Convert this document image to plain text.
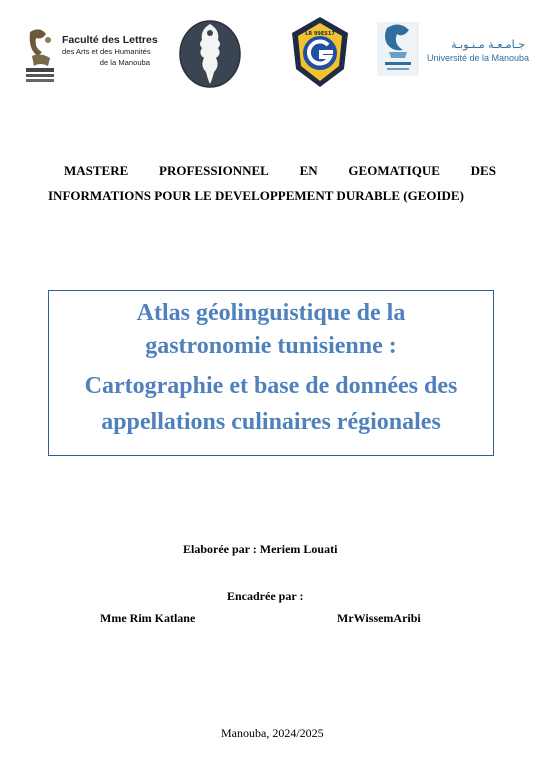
Faculté des Lettres
des Arts et des Humanités
de la Manouba
LR 99ES17
جـامـعـة مـنـوبـة
Université de la Manouba
MASTERE PROFESSIONNEL EN GEOMATIQUE DES
INFORMATIONS POUR LE DEVELOPPEMENT DURABLE (GEOIDE)
Atlas géolinguistique de la
gastronomie tunisienne :
Cartographie et base de données des
appellations culinaires régionales
Elaborée par : Meriem Louati
Encadrée par :
Mme Rim Katlane	MrWissemAribi
Manouba, 2024/2025
